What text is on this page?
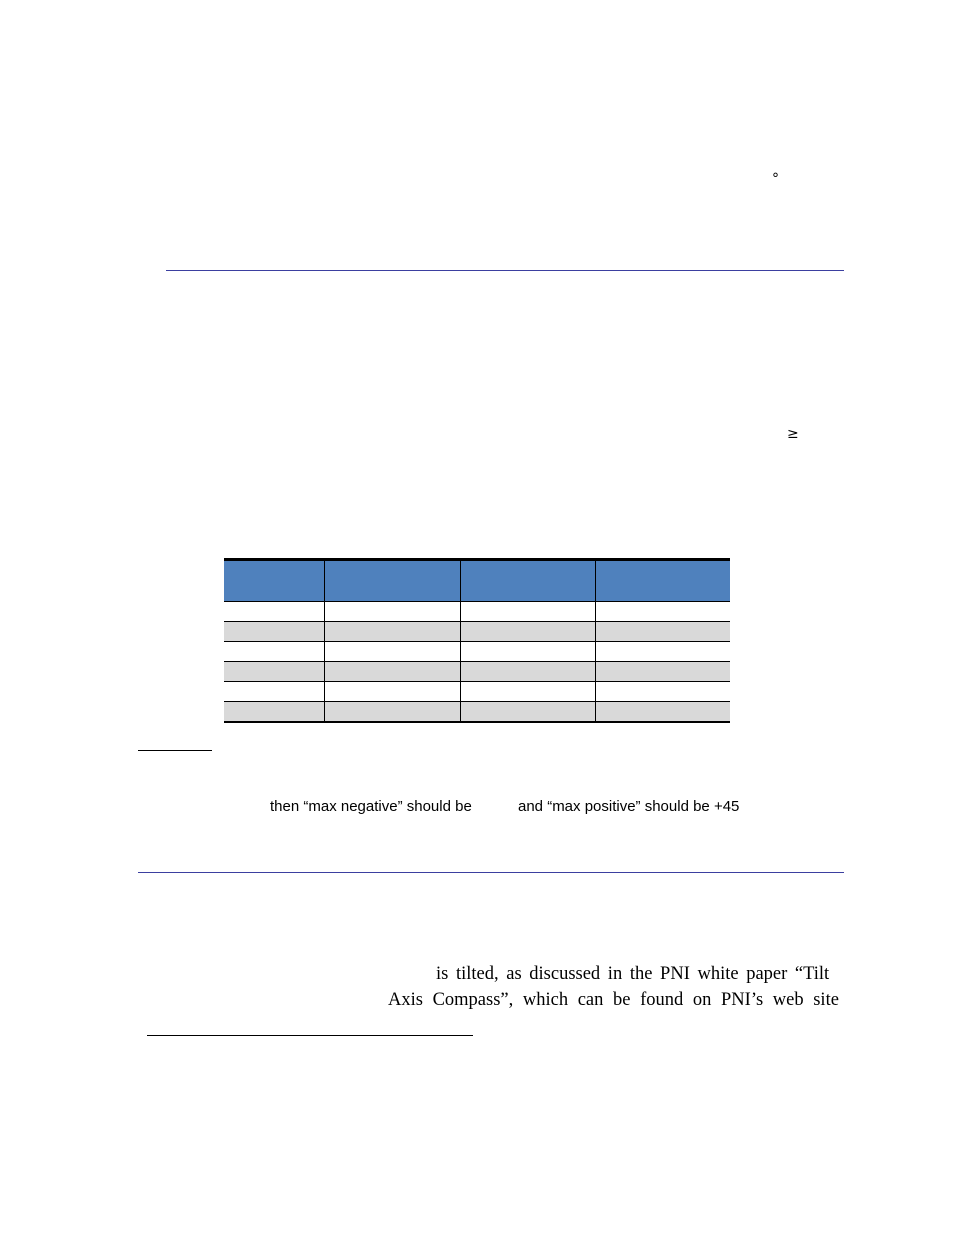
°
≥

then “max negative” should be	and “max positive” should be +45
is tilted, as discussed in the PNI white paper “Tilt
Axis Compass”, which can be found on PNI’s web site
